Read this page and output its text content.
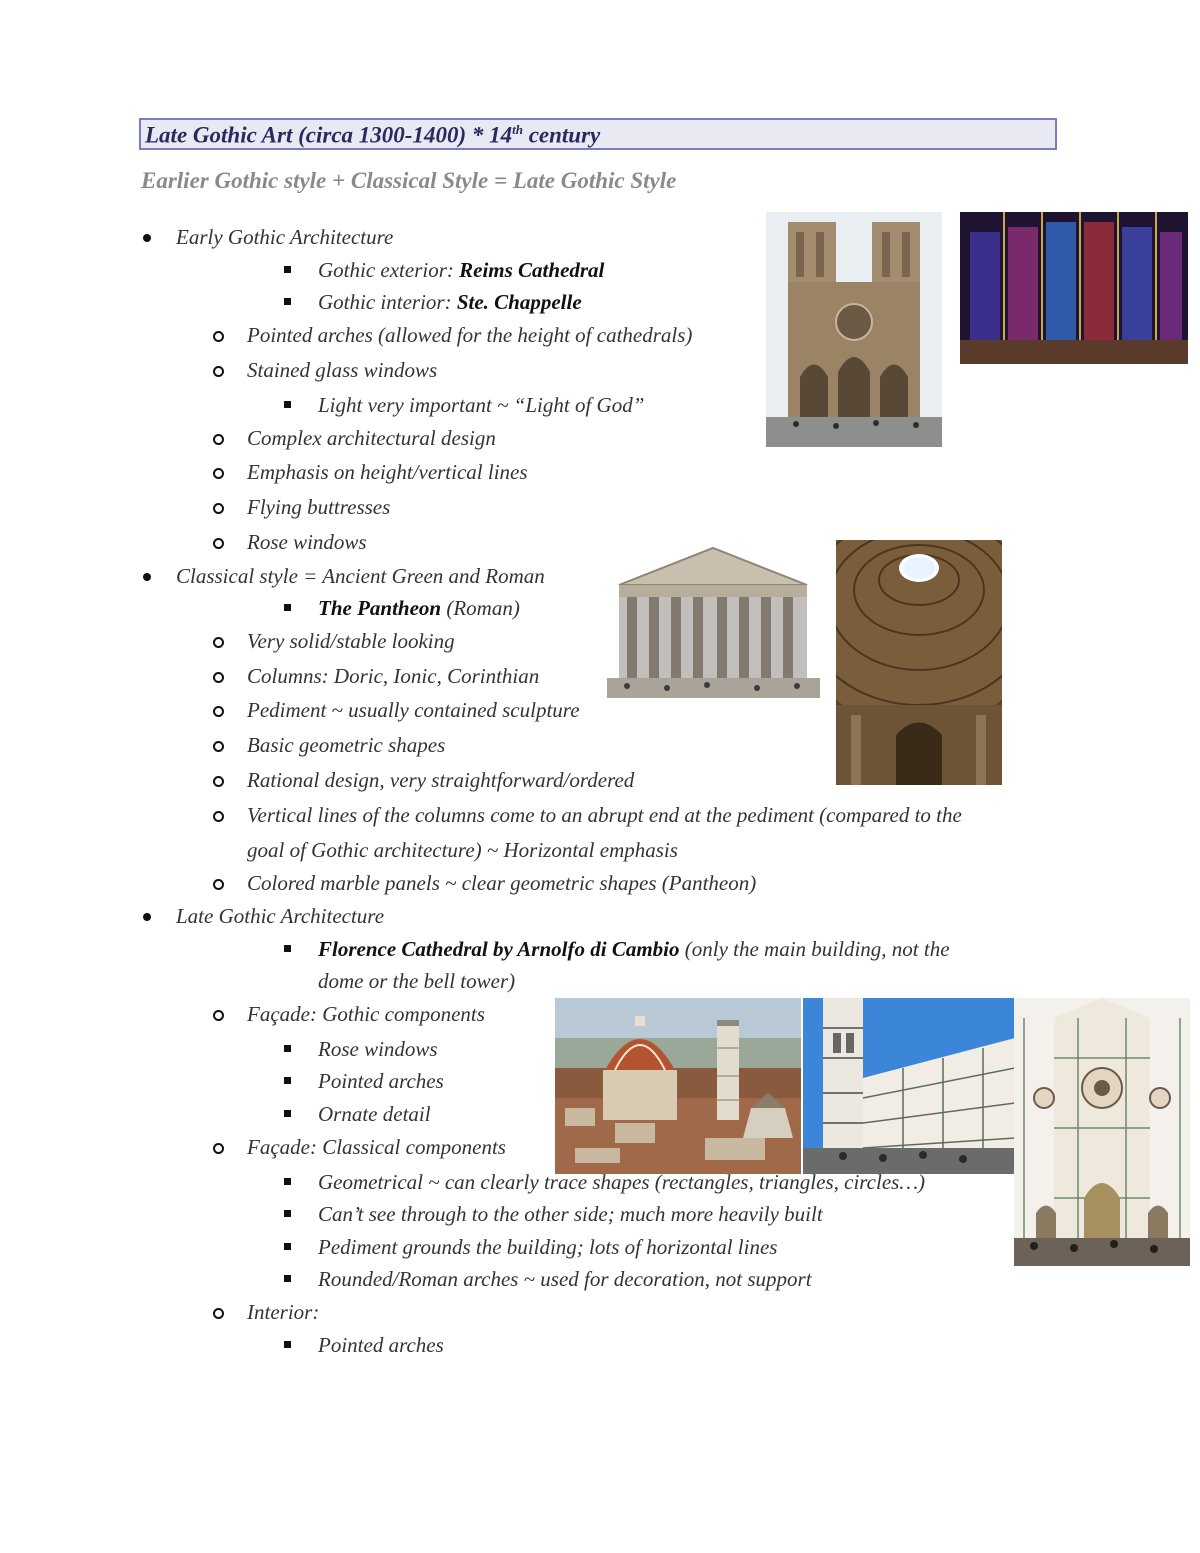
Late Gothic Art (circa 1300-1400) * 14th century
Earlier Gothic style + Classical Style = Late Gothic Style
Early Gothic Architecture
Gothic exterior: Reims Cathedral
Gothic interior: Ste. Chappelle
Pointed arches (allowed for the height of cathedrals)
Stained glass windows
Light very important ~ “Light of God”
Complex architectural design
Emphasis on height/vertical lines
Flying buttresses
Rose windows
Classical style = Ancient Green and Roman
The Pantheon (Roman)
Very solid/stable looking
Columns: Doric, Ionic, Corinthian
Pediment ~ usually contained sculpture
Basic geometric shapes
Rational design, very straightforward/ordered
Vertical lines of the columns come to an abrupt end at the pediment (compared to the
goal of Gothic architecture) ~ Horizontal emphasis
Colored marble panels ~ clear geometric shapes (Pantheon)
Late Gothic Architecture
Florence Cathedral by Arnolfo di Cambio (only the main building, not the
dome or the bell tower)
Façade: Gothic components
Rose windows
Pointed arches
Ornate detail
Façade: Classical components
Geometrical ~ can clearly trace shapes (rectangles, triangles, circles…)
Can’t see through to the other side; much more heavily built
Pediment grounds the building; lots of horizontal lines
Rounded/Roman arches ~ used for decoration, not support
Interior:
Pointed arches
